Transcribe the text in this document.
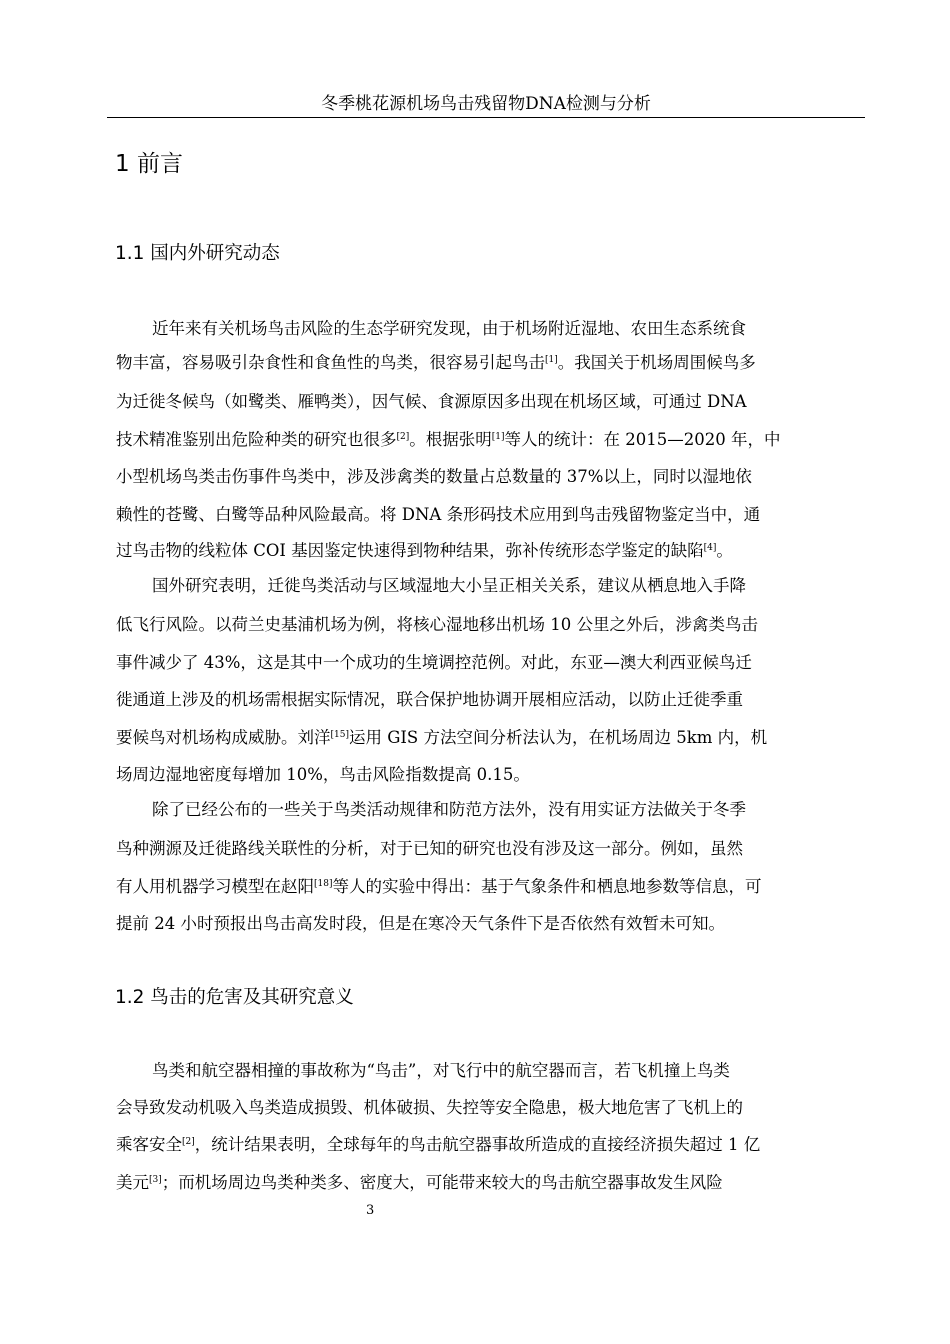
冬季桃花源机场鸟击残留物DNA检测与分析
1 前言
1.1 国内外研究动态
近年来有关机场鸟击风险的生态学研究发现，由于机场附近湿地、农田生态系统食
物丰富，容易吸引杂食性和食鱼性的鸟类，很容易引起鸟击[1]。我国关于机场周围候鸟多
为迁徙冬候鸟（如鹭类、雁鸭类），因气候、食源原因多出现在机场区域，可通过 DNA
技术精准鉴别出危险种类的研究也很多[2]。根据张明[1]等人的统计：在 2015—2020 年，中
小型机场鸟类击伤事件鸟类中，涉及涉禽类的数量占总数量的 37%以上，同时以湿地依
赖性的苍鹭、白鹭等品种风险最高。将 DNA 条形码技术应用到鸟击残留物鉴定当中，通
过鸟击物的线粒体 COI 基因鉴定快速得到物种结果，弥补传统形态学鉴定的缺陷[4]。
国外研究表明，迁徙鸟类活动与区域湿地大小呈正相关关系，建议从栖息地入手降
低飞行风险。以荷兰史基浦机场为例，将核心湿地移出机场 10 公里之外后，涉禽类鸟击
事件减少了 43%，这是其中一个成功的生境调控范例。对此，东亚—澳大利西亚候鸟迁
徙通道上涉及的机场需根据实际情况，联合保护地协调开展相应活动，以防止迁徙季重
要候鸟对机场构成威胁。刘洋[15]运用 GIS 方法空间分析法认为，在机场周边 5km 内，机
场周边湿地密度每增加 10%，鸟击风险指数提高 0.15。
除了已经公布的一些关于鸟类活动规律和防范方法外，没有用实证方法做关于冬季
鸟种溯源及迁徙路线关联性的分析，对于已知的研究也没有涉及这一部分。例如，虽然
有人用机器学习模型在赵阳[18]等人的实验中得出：基于气象条件和栖息地参数等信息，可
提前 24 小时预报出鸟击高发时段，但是在寒冷天气条件下是否依然有效暂未可知。
1.2 鸟击的危害及其研究意义
鸟类和航空器相撞的事故称为“鸟击”，对飞行中的航空器而言，若飞机撞上鸟类
会导致发动机吸入鸟类造成损毁、机体破损、失控等安全隐患，极大地危害了飞机上的
乘客安全[2]，统计结果表明，全球每年的鸟击航空器事故所造成的直接经济损失超过 1 亿
美元[3]；而机场周边鸟类种类多、密度大，可能带来较大的鸟击航空器事故发生风险
3
